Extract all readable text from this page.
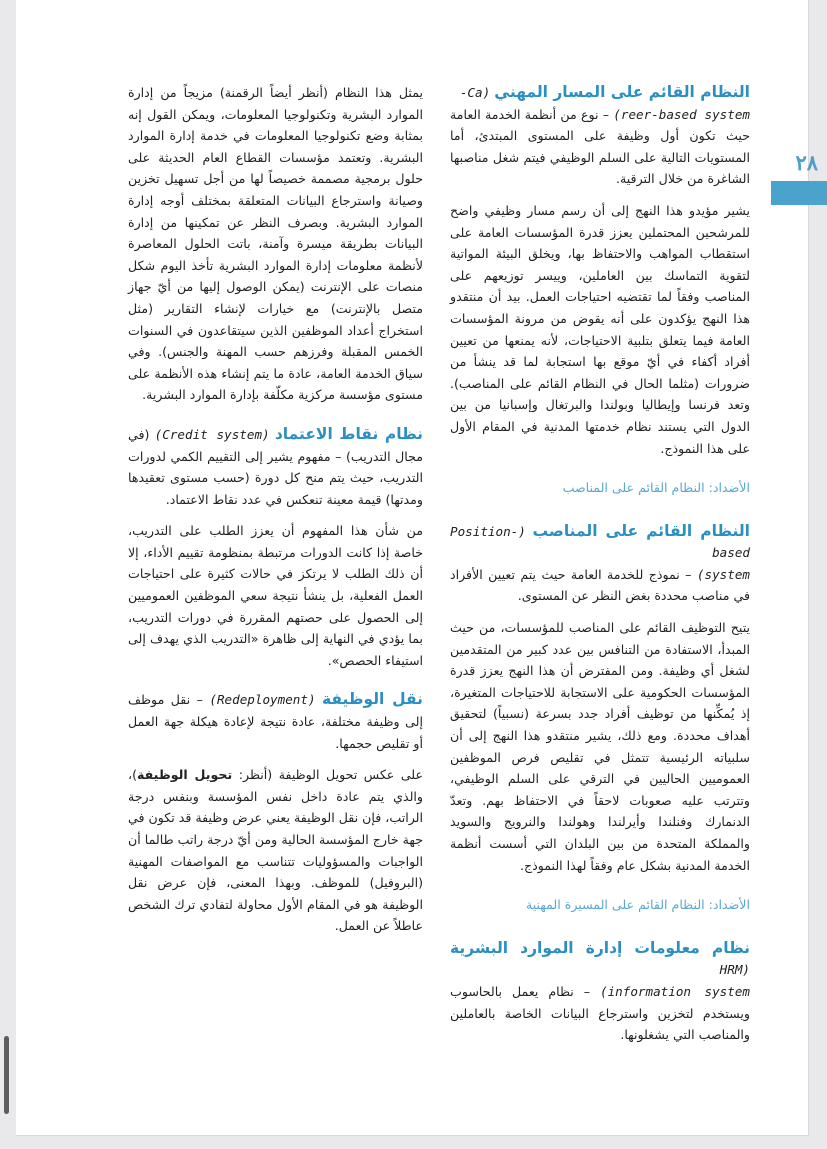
٢٨

النظام القائم على المسار المهني (Ca-
reer-based system) – نوع من أنظمة الخدمة العامة حيث تكون أول وظيفة على المستوى المبتدئ، أما المستويات التالية على السلم الوظيفي فيتم شغل مناصبها الشاغرة من خلال الترقية.

يشير مؤيدو هذا النهج إلى أن رسم مسار وظيفي واضح للمرشحين المحتملين يعزز قدرة المؤسسات العامة على استقطاب المواهب والاحتفاظ بها، ويخلق البيئة المواتية لتقوية التماسك بين العاملين، وييسر توزيعهم على المناصب وفقاً لما تقتضيه احتياجات العمل. بيد أن منتقدو هذا النهج يؤكدون على أنه يقوض من مرونة المؤسسات العامة فيما يتعلق بتلبية الاحتياجات، لأنه يمنعها من تعيين أفراد أكفاء في أيّ موقع بها استجابة لما قد ينشأ من ضرورات (مثلما الحال في النظام القائم على المناصب). وتعد فرنسا وإيطاليا وبولندا والبرتغال وإسبانيا من بين الدول التي يستند نظام خدمتها المدنية في المقام الأول على هذا النموذج.

الأضداد: النظام القائم على المناصب

النظام القائم على المناصب (Position-based
system) – نموذج للخدمة العامة حيث يتم تعيين الأفراد في مناصب محددة بغض النظر عن المستوى.

يتيح التوظيف القائم على المناصب للمؤسسات، من حيث المبدأ، الاستفادة من التنافس بين عدد كبير من المتقدمين لشغل أي وظيفة. ومن المفترض أن هذا النهج يعزز قدرة المؤسسات الحكومية على الاستجابة للاحتياجات المتغيرة، إذ يُمكِّنها من توظيف أفراد جدد بسرعة (نسبياً) لتحقيق أهداف محددة. ومع ذلك، يشير منتقدو هذا النهج إلى أن سلبياته الرئيسية تتمثل في تقليص فرص الموظفين العموميين الحاليين في الترقي على السلم الوظيفي، وتترتب عليه صعوبات لاحقاً في الاحتفاظ بهم. وتعدّ الدنمارك وفنلندا وأيرلندا وهولندا والنرويج والسويد والمملكة المتحدة من بين البلدان التي أسست أنظمة الخدمة المدنية بشكل عام وفقاً لهذا النموذج.

الأضداد: النظام القائم على المسيرة المهنية

نظام معلومات إدارة الموارد البشرية (HRM
information system) – نظام يعمل بالحاسوب ويستخدم لتخزين واسترجاع البيانات الخاصة بالعاملين والمناصب التي يشغلونها.

يمثل هذا النظام (أنظر أيضاً الرقمنة) مزيجاً من إدارة الموارد البشرية وتكنولوجيا المعلومات، ويمكن القول إنه بمثابة وضع تكنولوجيا المعلومات في خدمة إدارة الموارد البشرية. وتعتمد مؤسسات القطاع العام الحديثة على حلول برمجية مصممة خصيصاً لها من أجل تسهيل تخزين وصيانة واسترجاع البيانات المتعلقة بمختلف أوجه إدارة الموارد البشرية. وبصرف النظر عن تمكينها من إدارة البيانات بطريقة ميسرة وآمنة، باتت الحلول المعاصرة لأنظمة معلومات إدارة الموارد البشرية تأخذ اليوم شكل منصات على الإنترنت (يمكن الوصول إليها من أيّ جهاز متصل بالإنترنت) مع خيارات لإنشاء التقارير (مثل استخراج أعداد الموظفين الذين سيتقاعدون في السنوات الخمس المقبلة وفرزهم حسب المهنة والجنس). وفي سياق الخدمة العامة، عادة ما يتم إنشاء هذه الأنظمة على مستوى مؤسسة مركزية مكلّفة بإدارة الموارد البشرية.

نظام نقاط الاعتماد (Credit system) (في مجال التدريب) – مفهوم يشير إلى التقييم الكمي لدورات التدريب، حيث يتم منح كل دورة (حسب مستوى تعقيدها ومدتها) قيمة معينة تنعكس في عدد نقاط الاعتماد.

من شأن هذا المفهوم أن يعزز الطلب على التدريب، خاصة إذا كانت الدورات مرتبطة بمنظومة تقييم الأداء، إلا أن ذلك الطلب لا يرتكز في حالات كثيرة على احتياجات العمل الفعلية، بل ينشأ نتيجة سعي الموظفين العموميين إلى الحصول على حصتهم المقررة في دورات التدريب، بما يؤدي في النهاية إلى ظاهرة «التدريب الذي يهدف إلى استيفاء الحصص».

نقل الوظيفة (Redeployment) – نقل موظف إلى وظيفة مختلفة، عادة نتيجة لإعادة هيكلة جهة العمل أو تقليص حجمها.

على عكس تحويل الوظيفة (أنظر: تحويل الوظيفة)، والذي يتم عادة داخل نفس المؤسسة وبنفس درجة الراتب، فإن نقل الوظيفة يعني عرض وظيفة قد تكون في جهة خارج المؤسسة الحالية ومن أيّ درجة راتب طالما أن الواجبات والمسؤوليات تتناسب مع المواصفات المهنية (البروفيل) للموظف. وبهذا المعنى، فإن عرض نقل الوظيفة هو في المقام الأول محاولة لتفادي ترك الشخص عاطلاً عن العمل.
